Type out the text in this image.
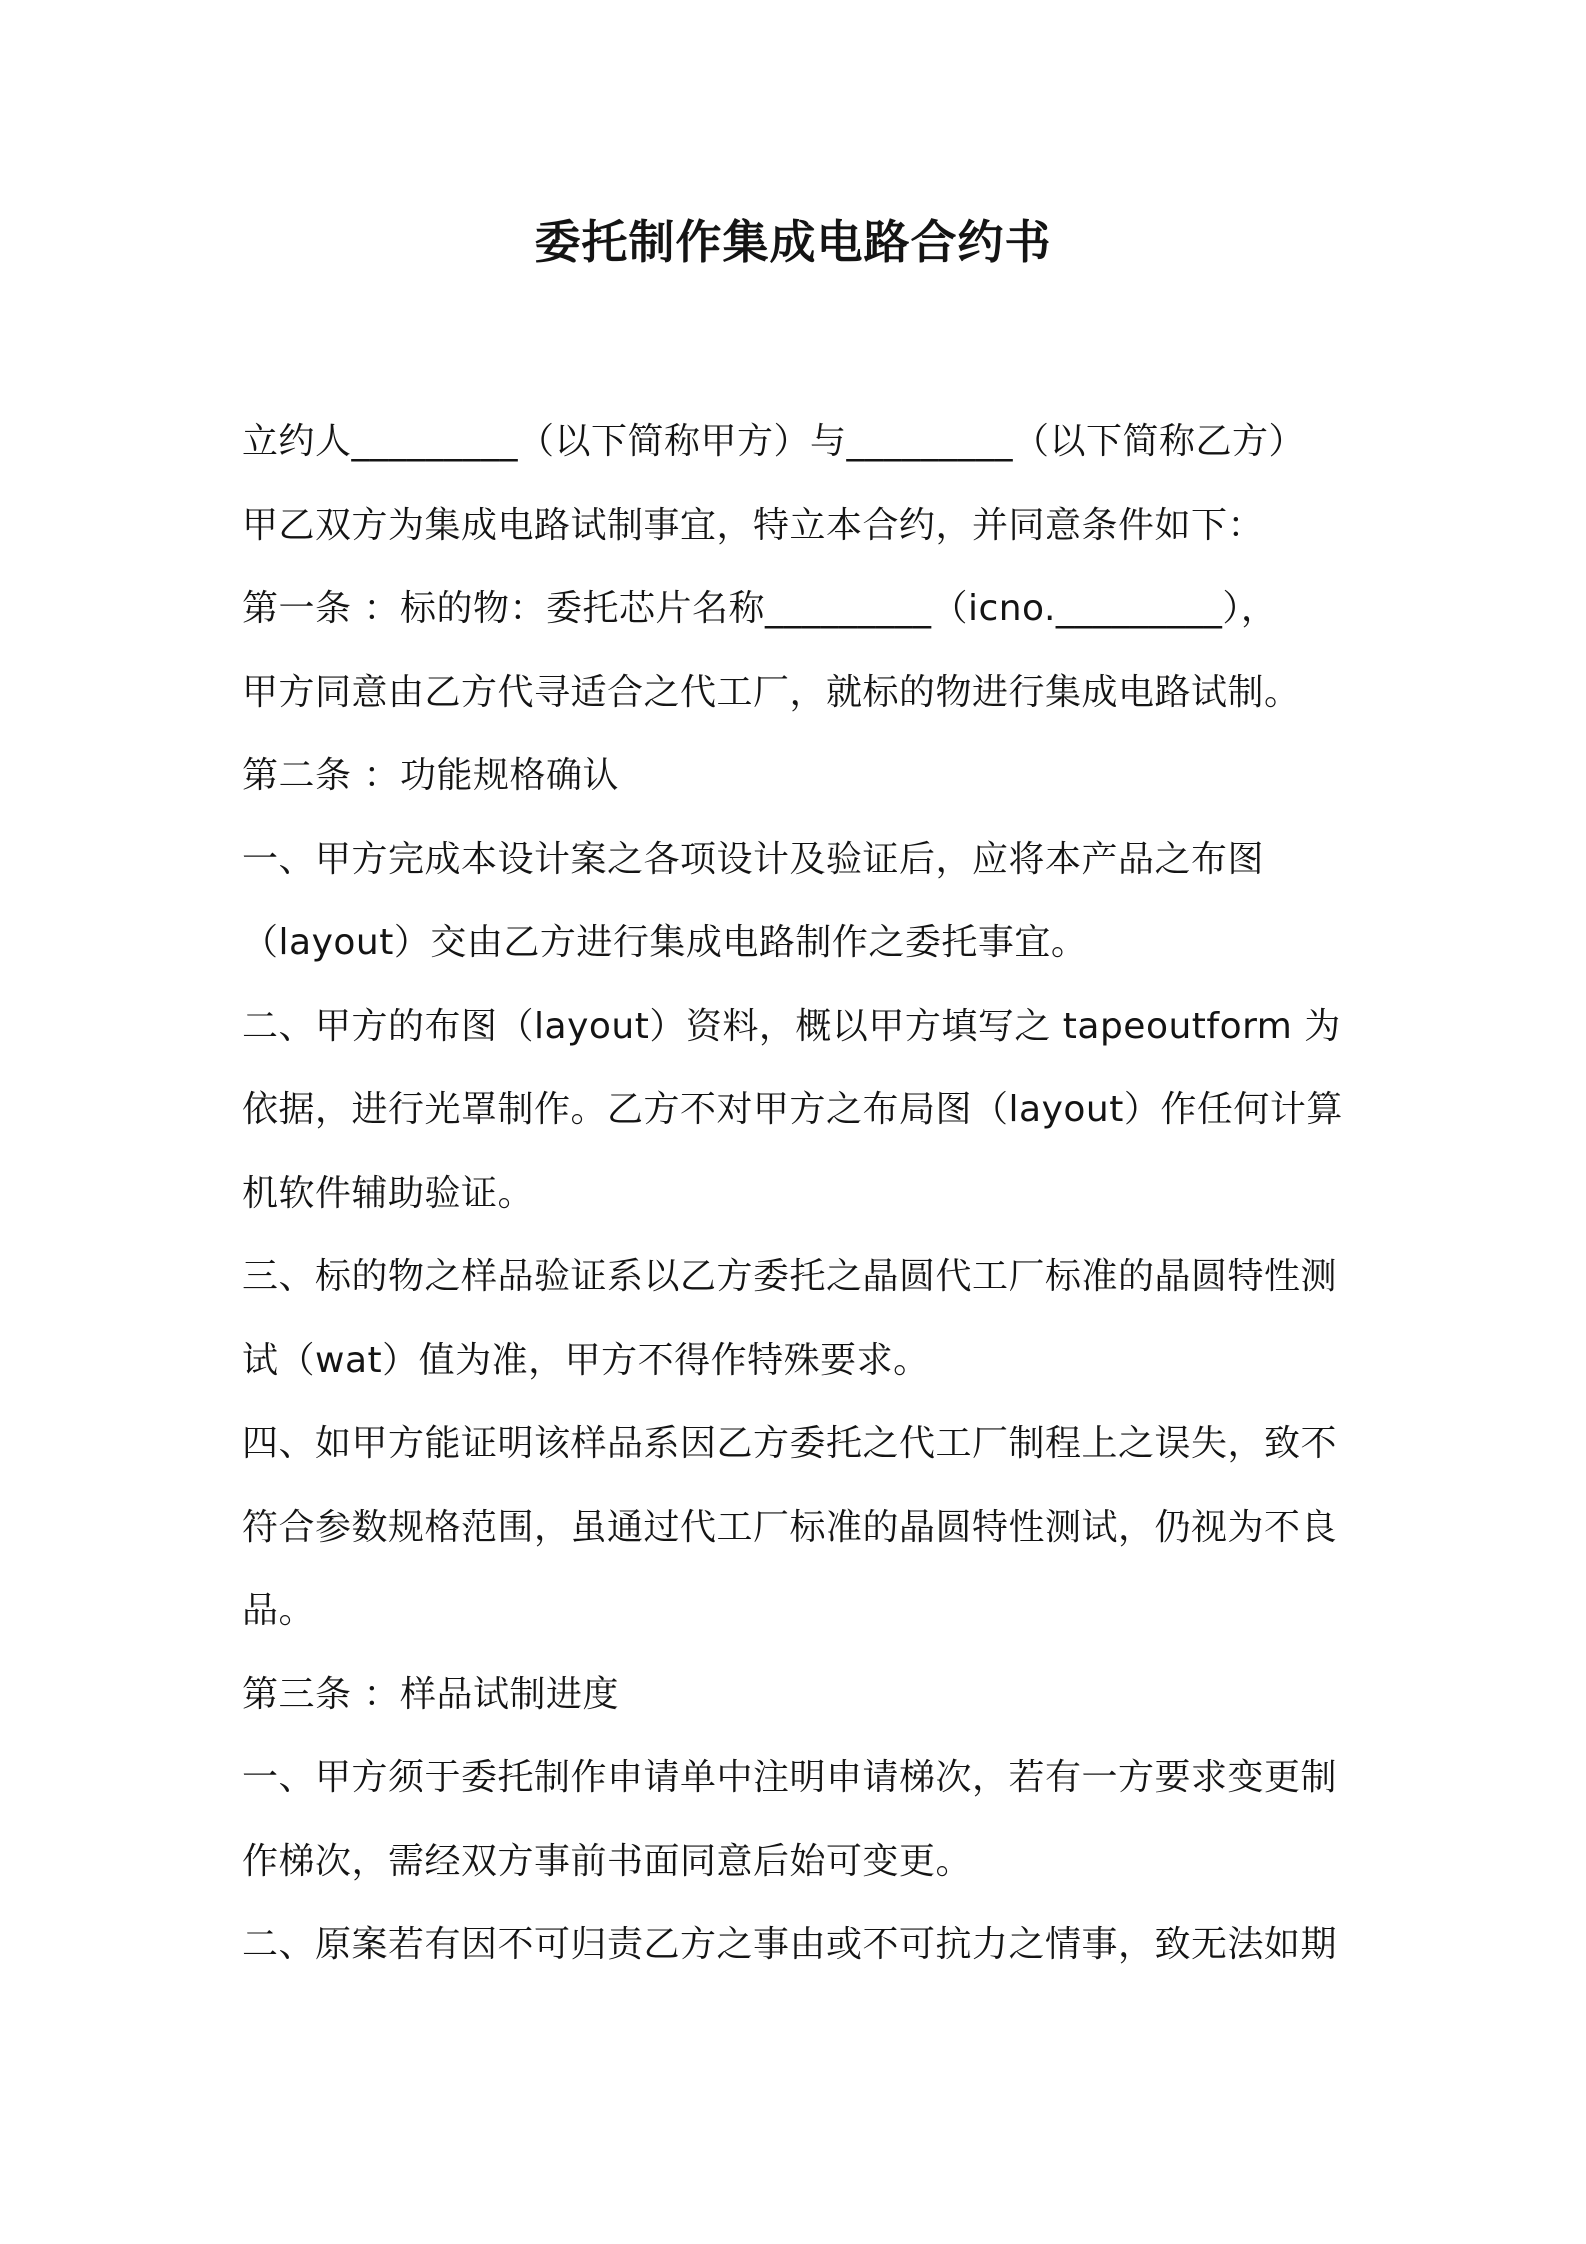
委托制作集成电路合约书
立约人_________（以下简称甲方）与_________（以下简称乙方）
甲乙双方为集成电路试制事宜，特立本合约，并同意条件如下：
第一条 ：标的物：委托芯片名称_________（icno._________），
甲方同意由乙方代寻适合之代工厂，就标的物进行集成电路试制。
第二条 ：功能规格确认
一、甲方完成本设计案之各项设计及验证后，应将本产品之布图
（layout）交由乙方进行集成电路制作之委托事宜。
二、甲方的布图（layout）资料，概以甲方填写之 tapeoutform 为
依据，进行光罩制作。乙方不对甲方之布局图（layout）作任何计算
机软件辅助验证。
三、标的物之样品验证系以乙方委托之晶圆代工厂标准的晶圆特性测
试（wat）值为准，甲方不得作特殊要求。
四、如甲方能证明该样品系因乙方委托之代工厂制程上之误失，致不
符合参数规格范围，虽通过代工厂标准的晶圆特性测试，仍视为不良
品。
第三条 ：样品试制进度
一、甲方须于委托制作申请单中注明申请梯次，若有一方要求变更制
作梯次，需经双方事前书面同意后始可变更。
二、原案若有因不可归责乙方之事由或不可抗力之情事，致无法如期
